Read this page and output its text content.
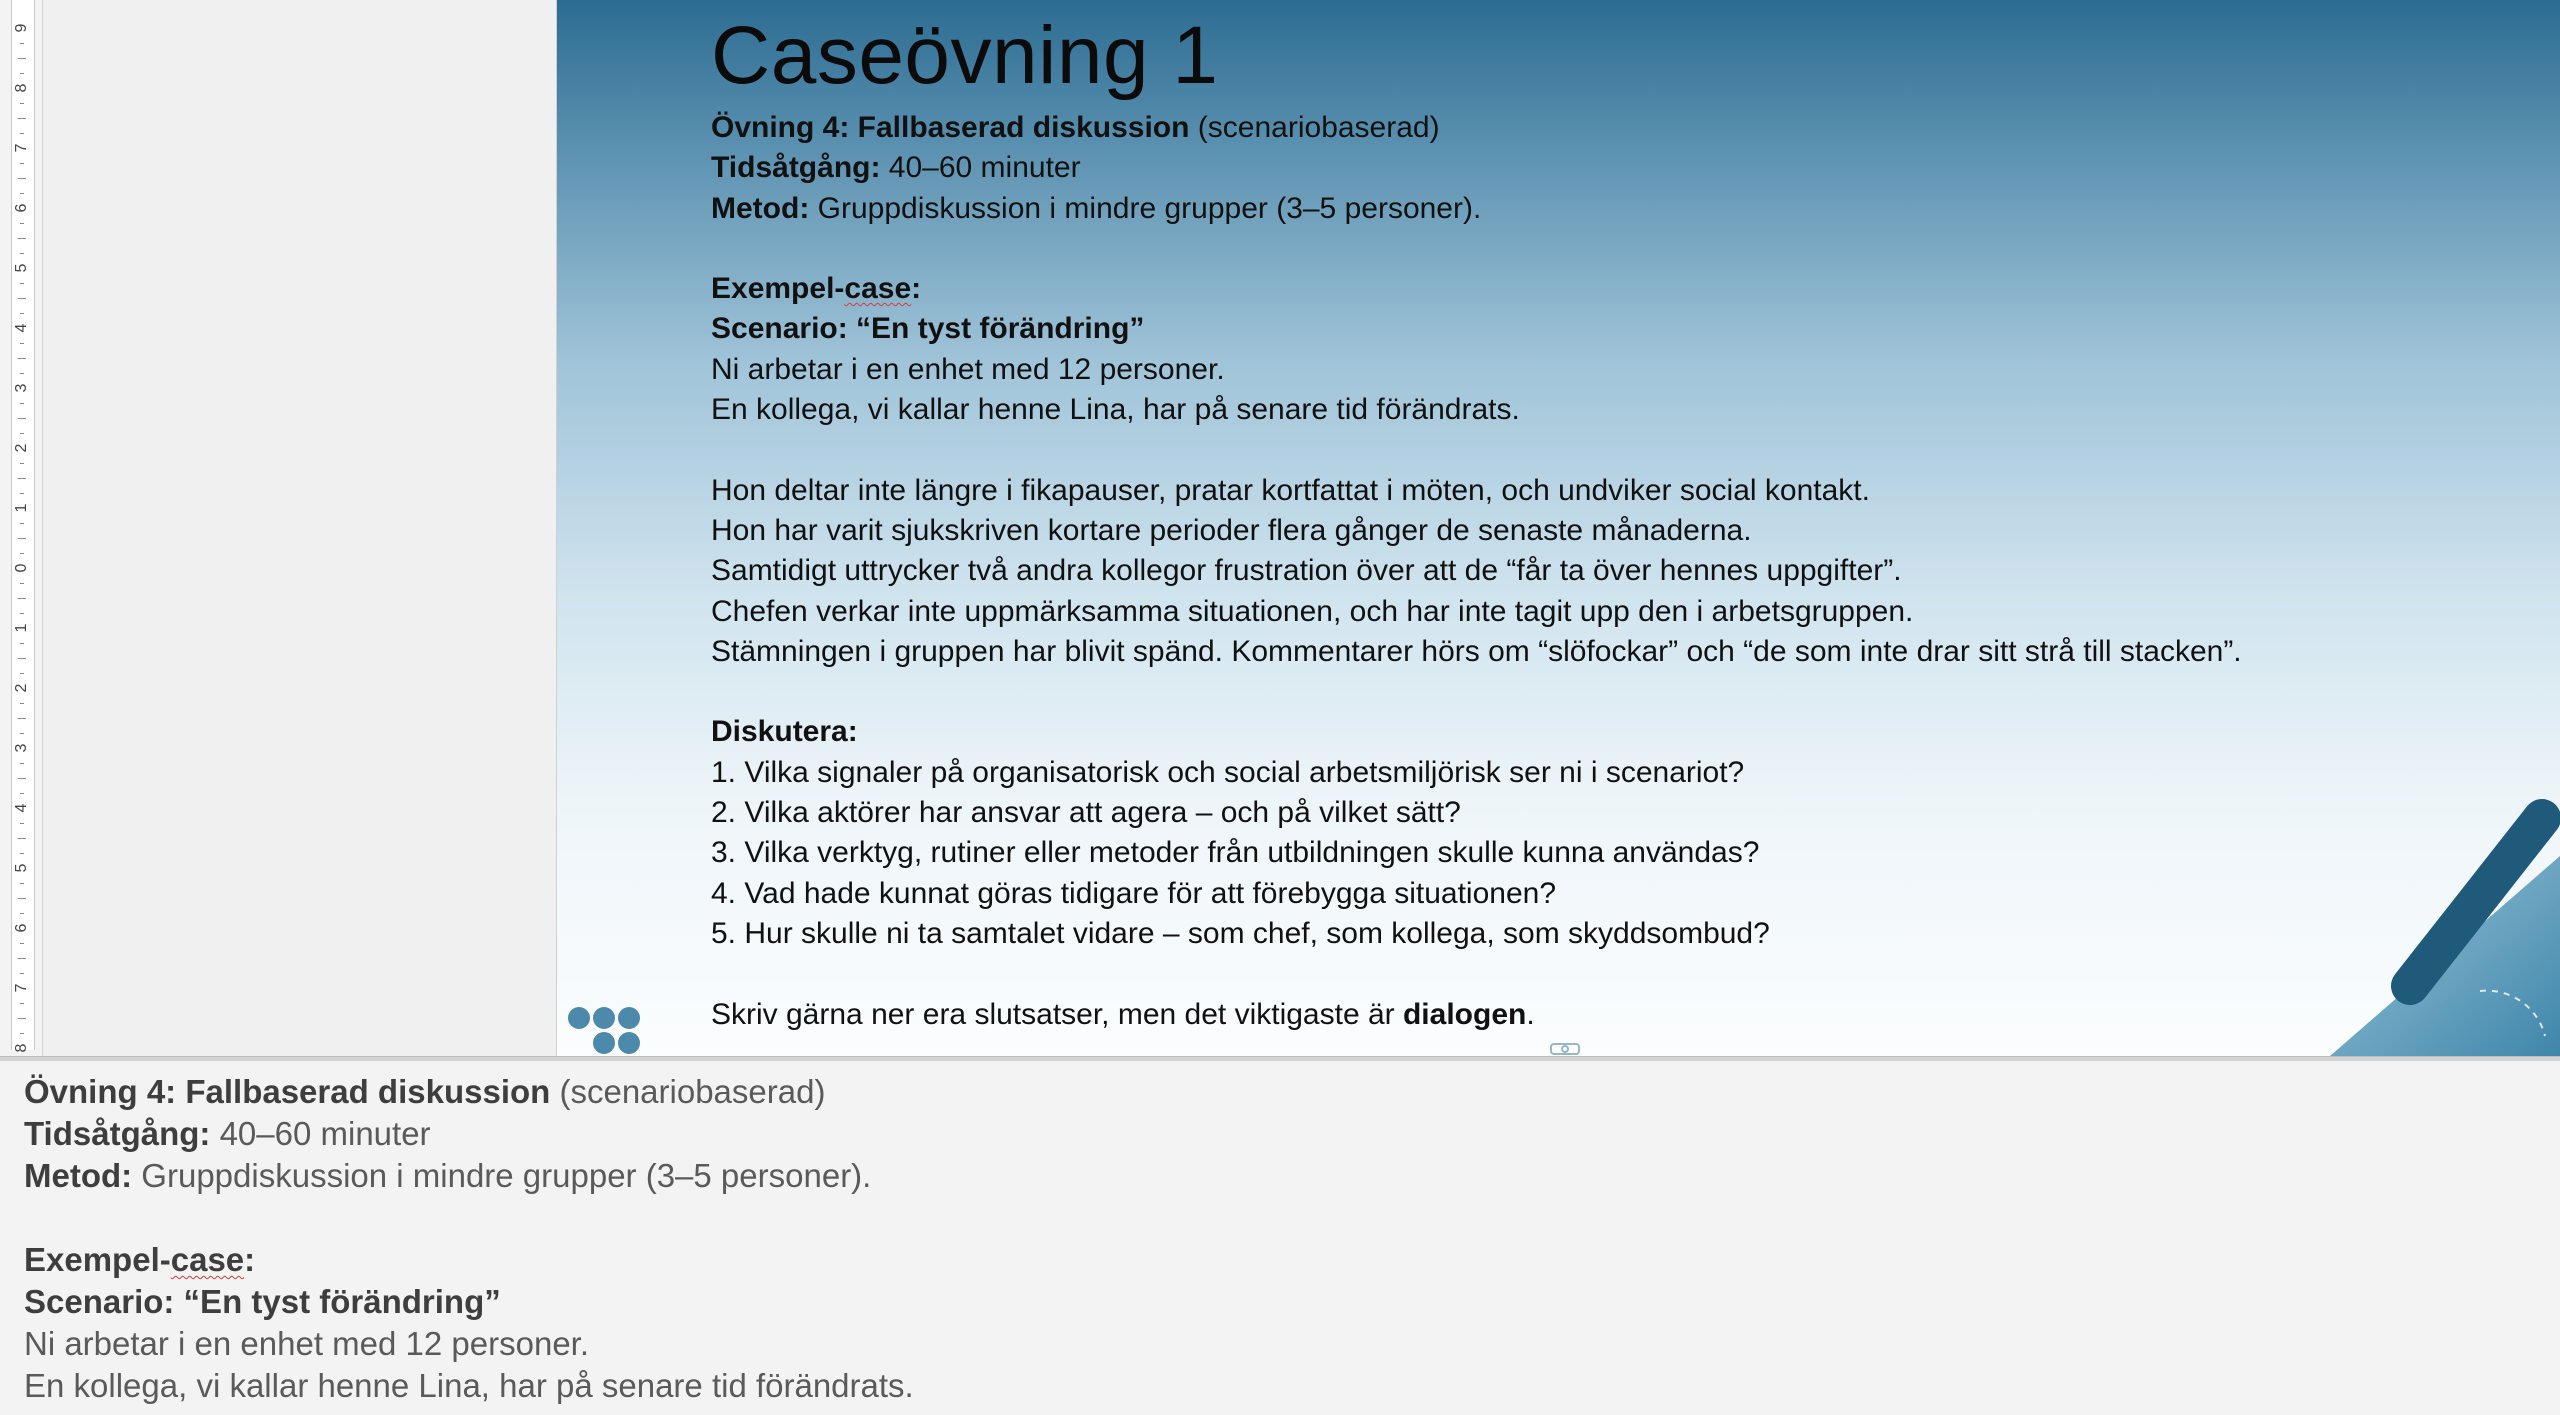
9
8
7
6
5
4
3
2
1
0
1
2
3
4
5
6
7
8
Caseövning 1
Övning 4: Fallbaserad diskussion (scenariobaserad)
Tidsåtgång: 40–60 minuter
Metod: Gruppdiskussion i mindre grupper (3–5 personer).
Exempel-case:
Scenario: “En tyst förändring”
Ni arbetar i en enhet med 12 personer.
En kollega, vi kallar henne Lina, har på senare tid förändrats.
Hon deltar inte längre i fikapauser, pratar kortfattat i möten, och undviker social kontakt.
Hon har varit sjukskriven kortare perioder flera gånger de senaste månaderna.
Samtidigt uttrycker två andra kollegor frustration över att de “får ta över hennes uppgifter”.
Chefen verkar inte uppmärksamma situationen, och har inte tagit upp den i arbetsgruppen.
Stämningen i gruppen har blivit spänd. Kommentarer hörs om “slöfockar” och “de som inte drar sitt strå till stacken”.
Diskutera:
1. Vilka signaler på organisatorisk och social arbetsmiljörisk ser ni i scenariot?
2. Vilka aktörer har ansvar att agera – och på vilket sätt?
3. Vilka verktyg, rutiner eller metoder från utbildningen skulle kunna användas?
4. Vad hade kunnat göras tidigare för att förebygga situationen?
5. Hur skulle ni ta samtalet vidare – som chef, som kollega, som skyddsombud?
Skriv gärna ner era slutsatser, men det viktigaste är dialogen.
Övning 4: Fallbaserad diskussion (scenariobaserad)
Tidsåtgång: 40–60 minuter
Metod: Gruppdiskussion i mindre grupper (3–5 personer).
Exempel-case:
Scenario: “En tyst förändring”
Ni arbetar i en enhet med 12 personer.
En kollega, vi kallar henne Lina, har på senare tid förändrats.
